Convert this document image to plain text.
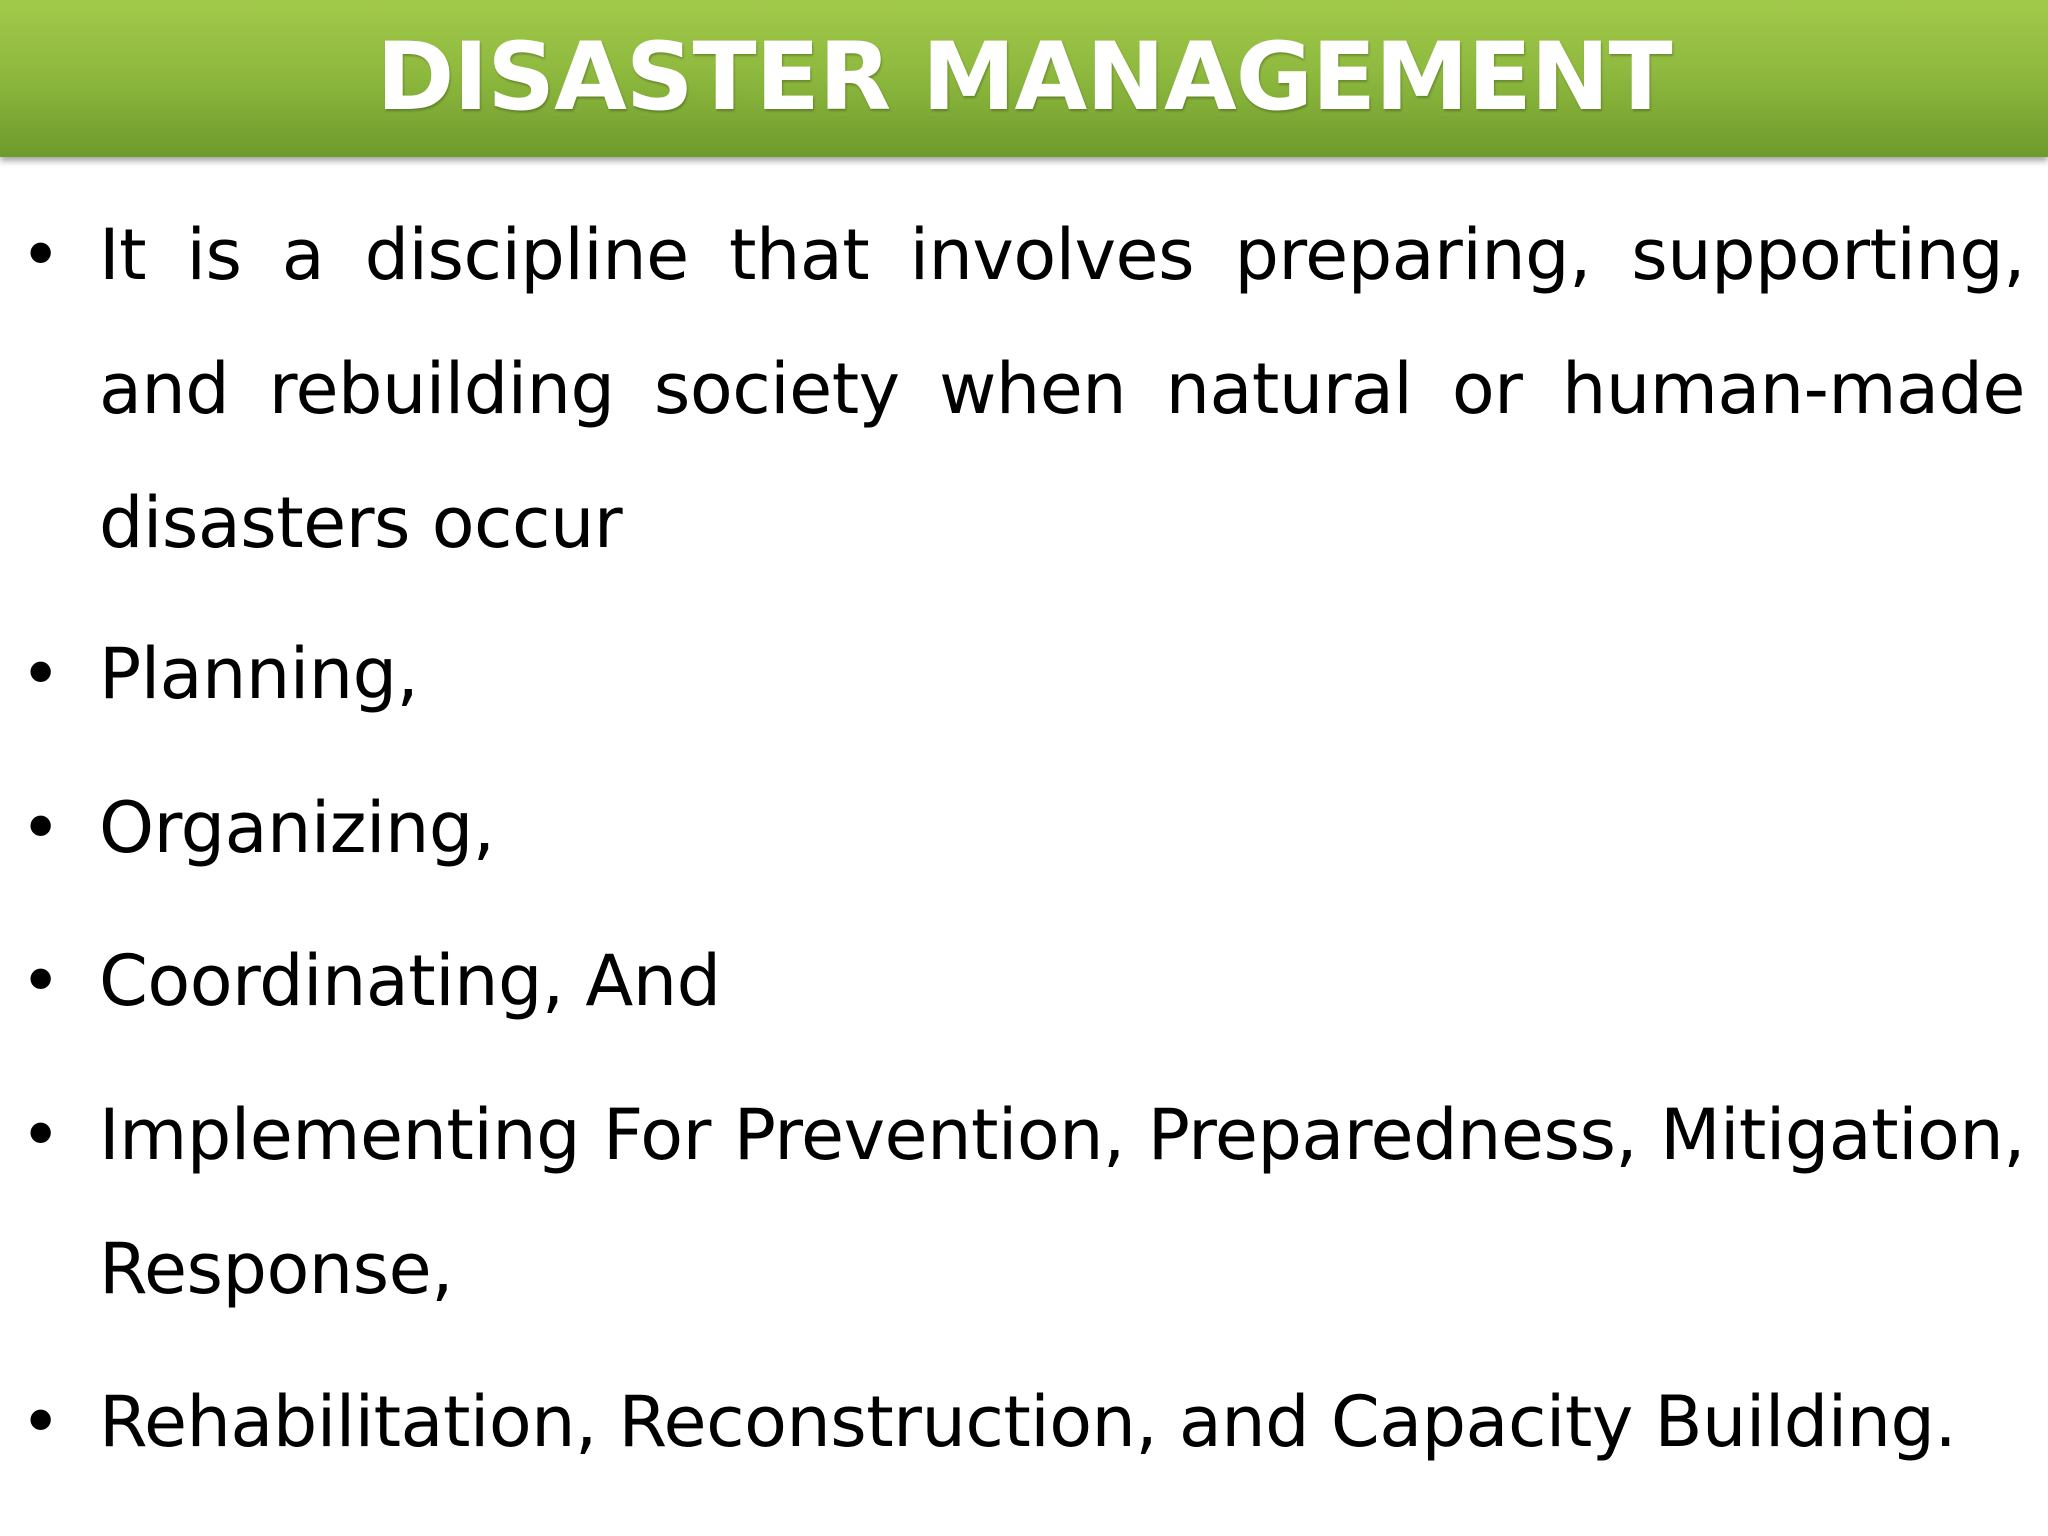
DISASTER MANAGEMENT
• It is a discipline that involves preparing, supporting, and rebuilding society when natural or human-made disasters occur
• Planning,
• Organizing,
• Coordinating, And
• Implementing For Prevention, Preparedness, Mitigation, Response,
• Rehabilitation, Reconstruction, and Capacity Building.
